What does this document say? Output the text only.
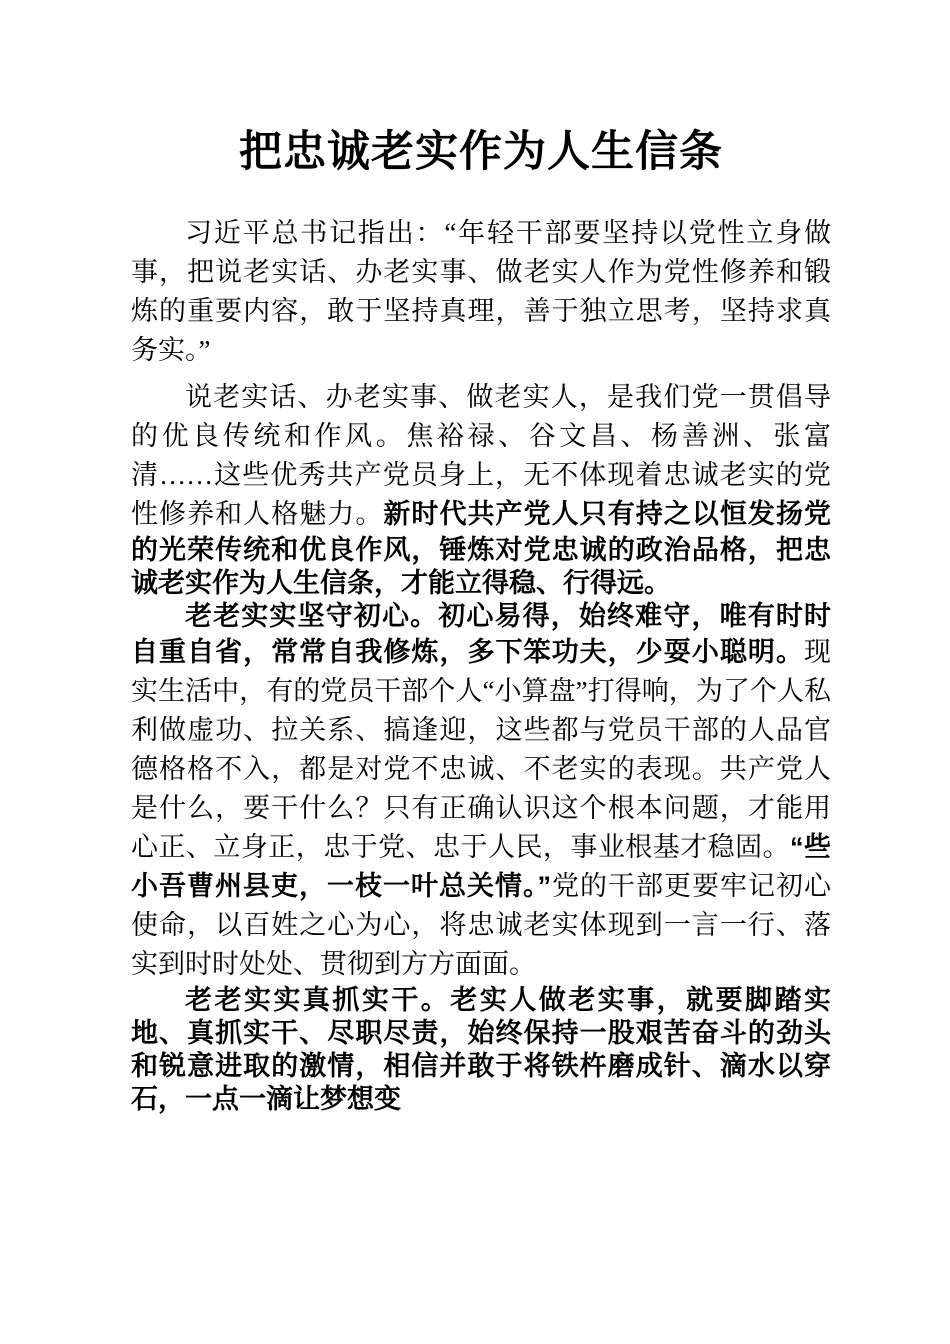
把忠诚老实作为人生信条

习近平总书记指出：“年轻干部要坚持以党性立身做事，把说老实话、办老实事、做老实人作为党性修养和锻炼的重要内容，敢于坚持真理，善于独立思考，坚持求真务实。”

说老实话、办老实事、做老实人，是我们党一贯倡导的优良传统和作风。焦裕禄、谷文昌、杨善洲、张富清……这些优秀共产党员身上，无不体现着忠诚老实的党性修养和人格魅力。新时代共产党人只有持之以恒发扬党的光荣传统和优良作风，锤炼对党忠诚的政治品格，把忠诚老实作为人生信条，才能立得稳、行得远。

老老实实坚守初心。初心易得，始终难守，唯有时时自重自省，常常自我修炼，多下笨功夫，少耍小聪明。现实生活中，有的党员干部个人“小算盘”打得响，为了个人私利做虚功、拉关系、搞逢迎，这些都与党员干部的人品官德格格不入，都是对党不忠诚、不老实的表现。共产党人是什么，要干什么？只有正确认识这个根本问题，才能用心正、立身正，忠于党、忠于人民，事业根基才稳固。“些小吾曹州县吏，一枝一叶总关情。”党的干部更要牢记初心使命，以百姓之心为心，将忠诚老实体现到一言一行、落实到时时处处、贯彻到方方面面。

老老实实真抓实干。老实人做老实事，就要脚踏实地、真抓实干、尽职尽责，始终保持一股艰苦奋斗的劲头和锐意进取的激情，相信并敢于将铁杵磨成针、滴水以穿石，一点一滴让梦想变
